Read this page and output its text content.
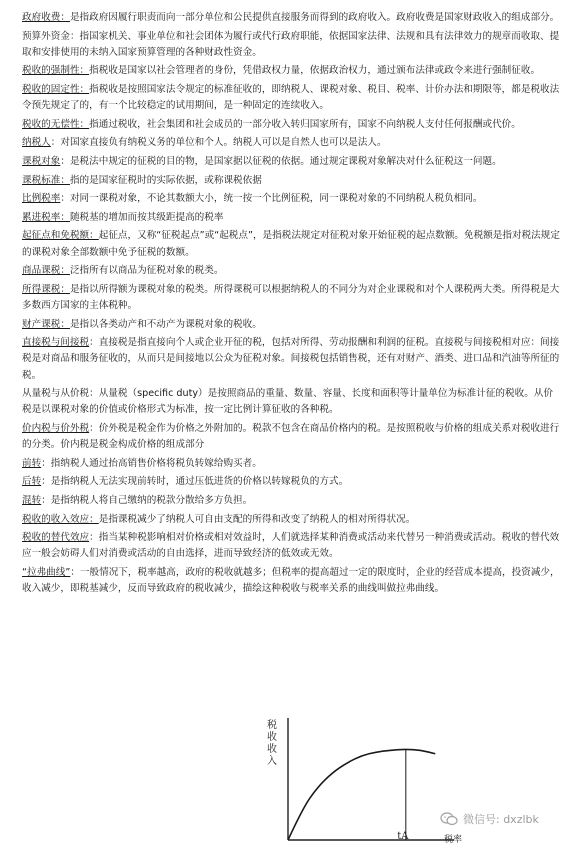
政府收费：是指政府因履行职责而向一部分单位和公民提供直接服务而得到的政府收入。政府收费是国家财政收入的组成部分。

预算外资金：指国家机关、事业单位和社会团体为履行或代行政府职能，依据国家法律、法规和具有法律效力的规章而收取、提取和安排使用的未纳入国家预算管理的各种财政性资金。

税收的强制性：指税收是国家以社会管理者的身份，凭借政权力量，依据政治权力，通过颁布法律或政令来进行强制征收。

税收的固定性：指税收是按照国家法令规定的标准征收的，即纳税人、课税对象、税目、税率、计价办法和期限等，都是税收法令预先规定了的，有一个比较稳定的试用期间，是一种固定的连续收入。

税收的无偿性：指通过税收，社会集团和社会成员的一部分收入转归国家所有，国家不向纳税人支付任何报酬或代价。

纳税人：对国家直接负有纳税义务的单位和个人。纳税人可以是自然人也可以是法人。

课税对象：是税法中规定的征税的目的物，是国家据以征税的依据。通过规定课税对象解决对什么征税这一问题。

课税标准：指的是国家征税时的实际依据，或称课税依据

比例税率：对同一课税对象，不论其数额大小，统一按一个比例征税，同一课税对象的不同纳税人税负相同。

累进税率：随税基的增加而按其级距提高的税率

起征点和免税额：起征点，又称“征税起点”或“起税点”，是指税法规定对征税对象开始征税的起点数额。免税额是指对税法规定的课税对象全部数额中免予征税的数额。

商品课税：泛指所有以商品为征税对象的税类。

所得课税：是指以所得额为课税对象的税类。所得课税可以根据纳税人的不同分为对企业课税和对个人课税两大类。所得税是大多数西方国家的主体税种。

财产课税：是指以各类动产和不动产为课税对象的税收。

直接税与间接税：直接税是指直接向个人或企业开征的税，包括对所得、劳动报酬和利润的征税。直接税与间接税相对应：间接税是对商品和服务征收的，从而只是间接地以公众为征税对象。间接税包括销售税，还有对财产、酒类、进口品和汽油等所征的税。

从量税与从价税：从量税（specific duty）是按照商品的重量、数量、容量、长度和面积等计量单位为标准计征的税收。从价税是以课税对象的价值或价格形式为标准，按一定比例计算征收的各种税。

价内税与价外税：价外税是税金作为价格之外附加的。税款不包含在商品价格内的税。是按照税收与价格的组成关系对税收进行的分类。价内税是税金构成价格的组成部分

前转：指纳税人通过抬高销售价格将税负转嫁给购买者。

后转：是指纳税人无法实现前转时，通过压低进货的价格以转嫁税负的方式。

混转：是指纳税人将自己缴纳的税款分散给多方负担。

税收的收入效应：是指课税减少了纳税人可自由支配的所得和改变了纳税人的相对所得状况。

税收的替代效应：指当某种税影响相对价格或相对效益时，人们就选择某种消费或活动来代替另一种消费或活动。税收的替代效应一般会妨碍人们对消费或活动的自由选择，进而导致经济的低效或无效。

“拉弗曲线”：一般情况下，税率越高，政府的税收就越多；但税率的提高超过一定的限度时，企业的经营成本提高，投资减少，收入减少，即税基减少，反而导致政府的税收减少，描绘这种税收与税率关系的曲线叫做拉弗曲线。

税收收入
tA	税率
微信号: dxzlbk
